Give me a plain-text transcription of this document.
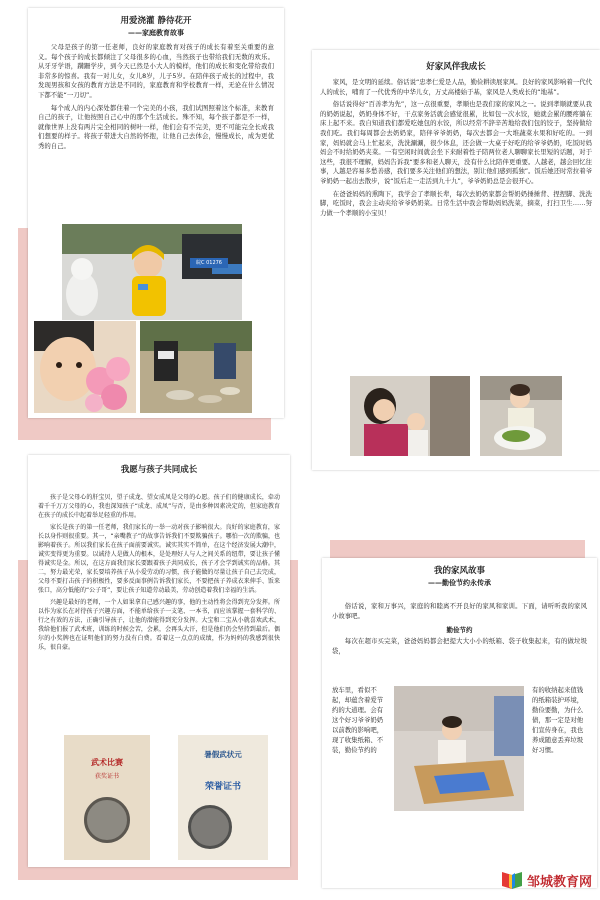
用爱浇灌 静待花开

——家庭教育故事

父母是孩子的第一任老师，良好的家庭教育对孩子的成长有着至关重要的意义。每个孩子的成长都倾注了父母很多的心血，当然孩子也带给我们无数的欢乐。从牙牙学语，蹒跚学步，到今天已然是小大人的模样，他们的成长和变化带给我们非常多的惊喜。我有一对儿女，女儿8岁，儿子5岁。在陪伴孩子成长的过程中，我发现男孩和女孩的教育方法是不同的，家庭教育和学校教育一样，无论在什么情况下都不能“一刀切”。

每个成人的内心深处都住着一个完美的小孩，我们试图照着这个标准，来教育自己的孩子，让他按照自己心中的那个生活成长。殊不知，每个孩子都是不一样，就像世界上没有两片完全相同的树叶一样，他们会有不完美，更不可能完全长成我们想要的样子。将孩子带进大自然的怀抱，让他自己去体会，慢慢成长，成为更优秀的自己。

皖C 01276

好家风伴我成长

家风，是文明的延续。俗话说“忠孝仁爱是人品，勤俭耕读展家风。良好的家风影响着一代代人的成长，哺育了一代优秀的中华儿女，万丈高楼始于基，家风是人类成长的“地基”。

俗话说得好“百善孝为先”，这一点很重要，孝顺也是我们家的家风之一。说到孝顺就要从我的奶奶说起，奶奶身体不好，干点家务活就会感觉很累，比如包一次水饺，她就会累的腰疼躺在床上起不来。我自知道我们都爱吃她包的水饺，所以经常不辞辛苦地给我们包的饺子，坚持做给我们吃。我们每周都会去奶奶家，陪伴爷爷奶奶，每次去都会一大堆蔬菜水果和好吃的。一到家，妈妈就会马上忙起来，洗洗涮涮，很少休息，还会做一大桌子好吃的给爷爷奶奶，吃饭时妈妈会不时给奶奶夹菜。一有空闲时间就会坐下来耐着性子陪两位老人聊聊家长里短的话题，对于这些，我很不理解，妈妈告诉我“要多和老人聊天，没有什么比陪伴更重要。人越老，越会回忆往事，人越是容易多愁善感，我们要多关注他们的想法，别让他们感到孤独”。饭后她还时常拉着爷爷奶奶一起出去散步，说“饭后走一走活到九十九”，爷爷奶奶总是会很开心。

在爸爸妈妈的熏陶下，我学会了孝顺长辈，每次去奶奶家都会帮奶奶捶捶背、捏捏脚、洗洗脚，吃饭时，我会主动夹给爷爷奶奶菜。日常生活中我会帮助妈妈洗菜，摘菜，打扫卫生……努力做一个孝顺的小宝贝！

我愿与孩子共同成长

孩子是父母心的肝宝贝，望子成龙、望女成凤是父母的心愿。孩子们的健康成长，牵动着千千万万父母的心，我也深知孩子“成龙、成凤”与否，是由多种因素决定的，但家庭教育在孩子的成长中起着举足轻重的作用。

家长是孩子的第一任老师，我们家长的一举一动对孩子影响很大。良好的家庭教育，家长以身作则很重要。其一，“亲嘴教子”的故事告诉我们不要欺骗孩子。哪怕一次的欺骗，也影响着孩子。所以我们家长在孩子面前要诚实。诚实其实不简单，在这个经济发展大潮中，诚实变得更为重要。以诚待人是做人的根本，是处理好人与人之间关系的纽带，要让孩子懂得诚实是金。所以，在这方面我们家长要跟着孩子共同成长，孩子才会学到诚实的品格。其二，努力最光荣，家长要培养孩子从小爱劳动的习惯，孩子能做的尽量让孩子自己去完成，父母不要打击孩子的积极性，要多反面事例告诉我们家长，不要把孩子养成衣来伸手、饭来张口，高分低能的“公子哥”，要让孩子知道劳动最美，劳动创造着我们幸福的生活。

兴趣是最好的老师，一个人如果拿自己感兴趣的事，他的主动性将会得到充分发挥。所以作为家长在对待孩子兴趣方面，不能单给孩子一支笔、一本书，而应该掌握一套科学的、行之有效的方法，正确引导孩子，让他的潜能得到充分发挥。大宝和二宝从小就喜欢武术，我给他们报了武术班，训练的时候会苦，会累，会再头大汗，但是他们仍会坚持到最后。偶尔的小奖牌也在证明他们的努力没有白费。看着这一点点的成绩，作为妈妈的我感到很快乐，很自豪。

武术比赛
获奖证书
暑假武状元
荣誉证书

我的家风故事

——勤俭节约永传承

俗话说，家和万事兴，家庭的和睦离不开良好的家风和家训。下面，请听听我的家风小故事吧。

勤俭节约

每次在超市买完菜，爸爸妈妈都会把提大大小小的纸箱、袋子收集起来，有的做垃圾袋，

放车里，看似不起，却蕴含着爱节约的大道理。会有这个好习爷爷奶奶以前教的影响吧，现了收集纸箱、不装，勤俭节约的
有的收纳起来值钱的纸箱装护环境，勤俭要勤，为什么债，那一定是对他们宣传身在，我也养成随意丢弃垃圾好习惯。
邹城教育网
